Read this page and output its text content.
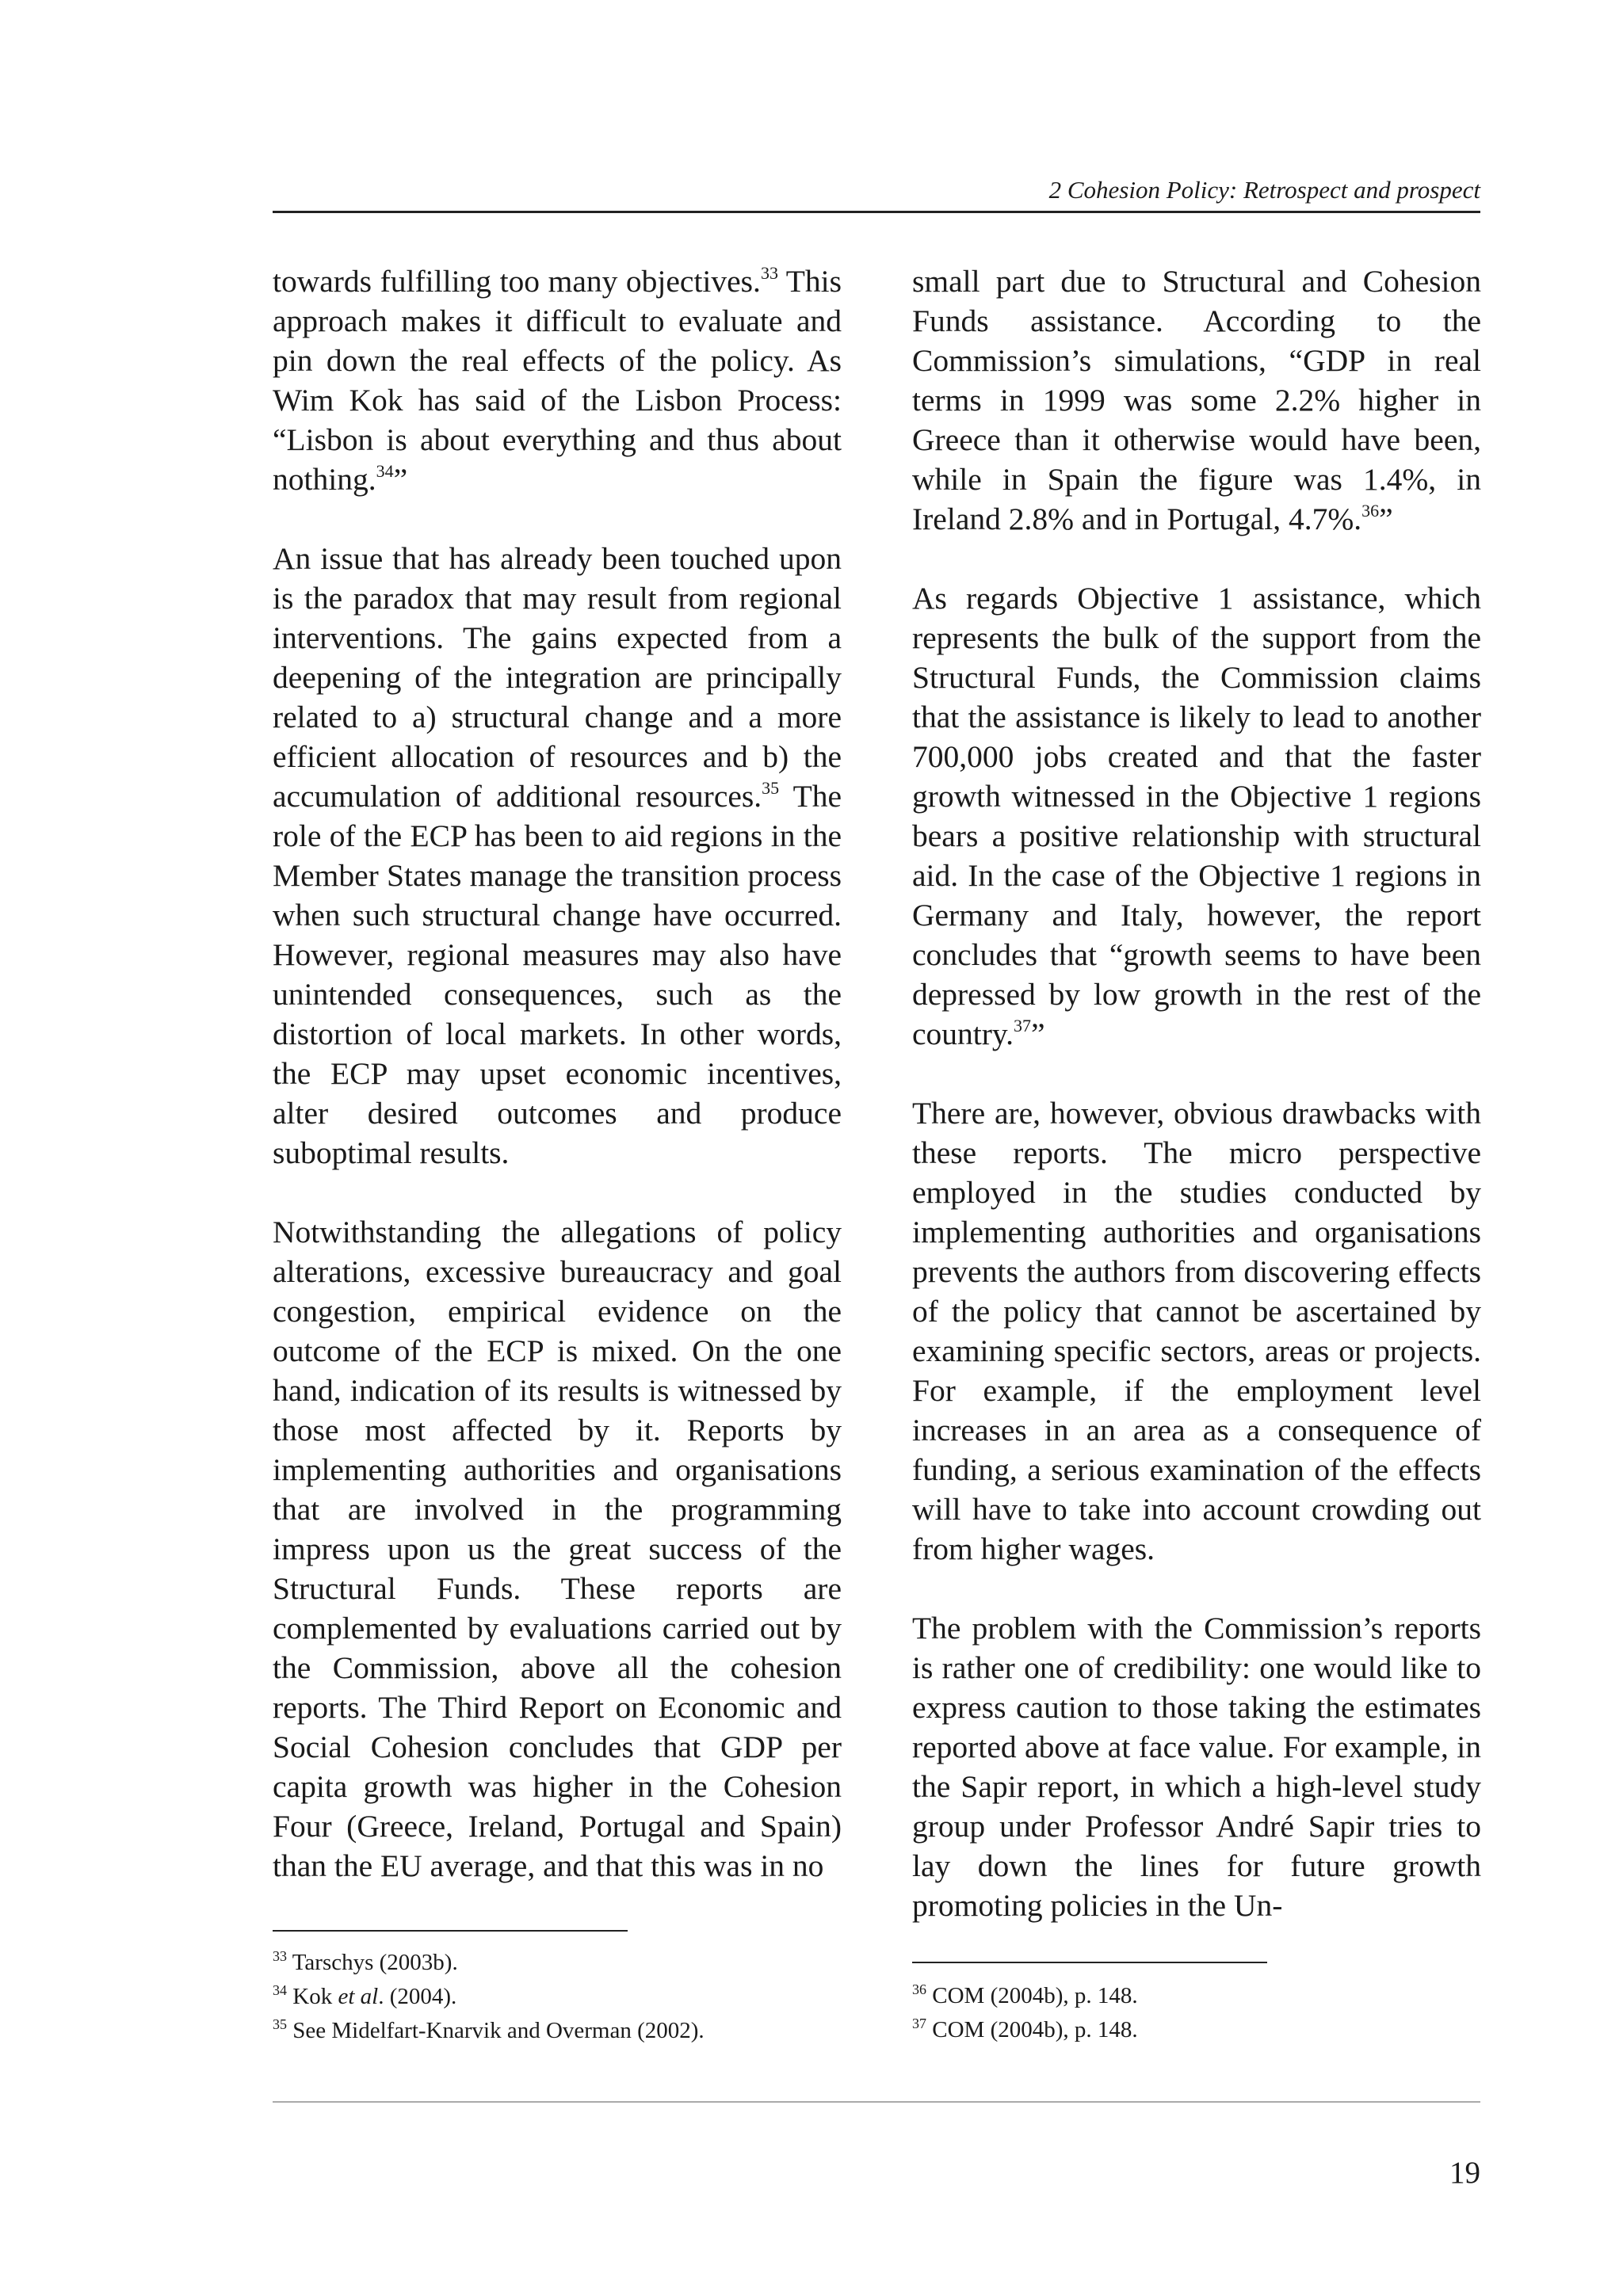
2 Cohesion Policy: Retrospect and prospect

towards fulfilling too many objectives.$^{33}$ This approach makes it difficult to evaluate and pin down the real effects of the policy. As Wim Kok has said of the Lisbon Process: “Lisbon is about everything and thus about nothing.$^{34}$”

An issue that has already been touched upon is the paradox that may result from regional interventions. The gains expected from a deepening of the integration are principally related to a) structural change and a more efficient allocation of resources and b) the accumulation of additional resources.$^{35}$ The role of the ECP has been to aid regions in the Member States manage the transition process when such structural change have occurred. However, regional measures may also have unintended consequences, such as the distortion of local markets. In other words, the ECP may upset economic incentives, alter desired outcomes and produce suboptimal results.

Notwithstanding the allegations of policy alterations, excessive bureaucracy and goal congestion, empirical evidence on the outcome of the ECP is mixed. On the one hand, indication of its results is witnessed by those most affected by it. Reports by implementing authorities and organisations that are involved in the programming impress upon us the great success of the Structural Funds. These reports are complemented by evaluations carried out by the Commission, above all the cohesion reports. The Third Report on Economic and Social Cohesion concludes that GDP per capita growth was higher in the Cohesion Four (Greece, Ireland, Portugal and Spain) than the EU average, and that this was in no

small part due to Structural and Cohesion Funds assistance. According to the Commission’s simulations, “GDP in real terms in 1999 was some 2.2% higher in Greece than it otherwise would have been, while in Spain the figure was 1.4%, in Ireland 2.8% and in Portugal, 4.7%.$^{36}$”

As regards Objective 1 assistance, which represents the bulk of the support from the Structural Funds, the Commission claims that the assistance is likely to lead to another 700,000 jobs created and that the faster growth witnessed in the Objective 1 regions bears a positive relationship with structural aid. In the case of the Objective 1 regions in Germany and Italy, however, the report concludes that “growth seems to have been depressed by low growth in the rest of the country.$^{37}$”

There are, however, obvious drawbacks with these reports. The micro perspective employed in the studies conducted by implementing authorities and organisations prevents the authors from discovering effects of the policy that cannot be ascertained by examining specific sectors, areas or projects. For example, if the employment level increases in an area as a consequence of funding, a serious examination of the effects will have to take into account crowding out from higher wages.

The problem with the Commission’s reports is rather one of credibility: one would like to express caution to those taking the estimates reported above at face value. For example, in the Sapir report, in which a high-level study group under Professor André Sapir tries to lay down the lines for future growth promoting policies in the Un-

$^{33}$ Tarschys (2003b).
$^{34}$ Kok et al. (2004).
$^{35}$ See Midelfart-Knarvik and Overman (2002).
$^{36}$ COM (2004b), p. 148.
$^{37}$ COM (2004b), p. 148.
19
